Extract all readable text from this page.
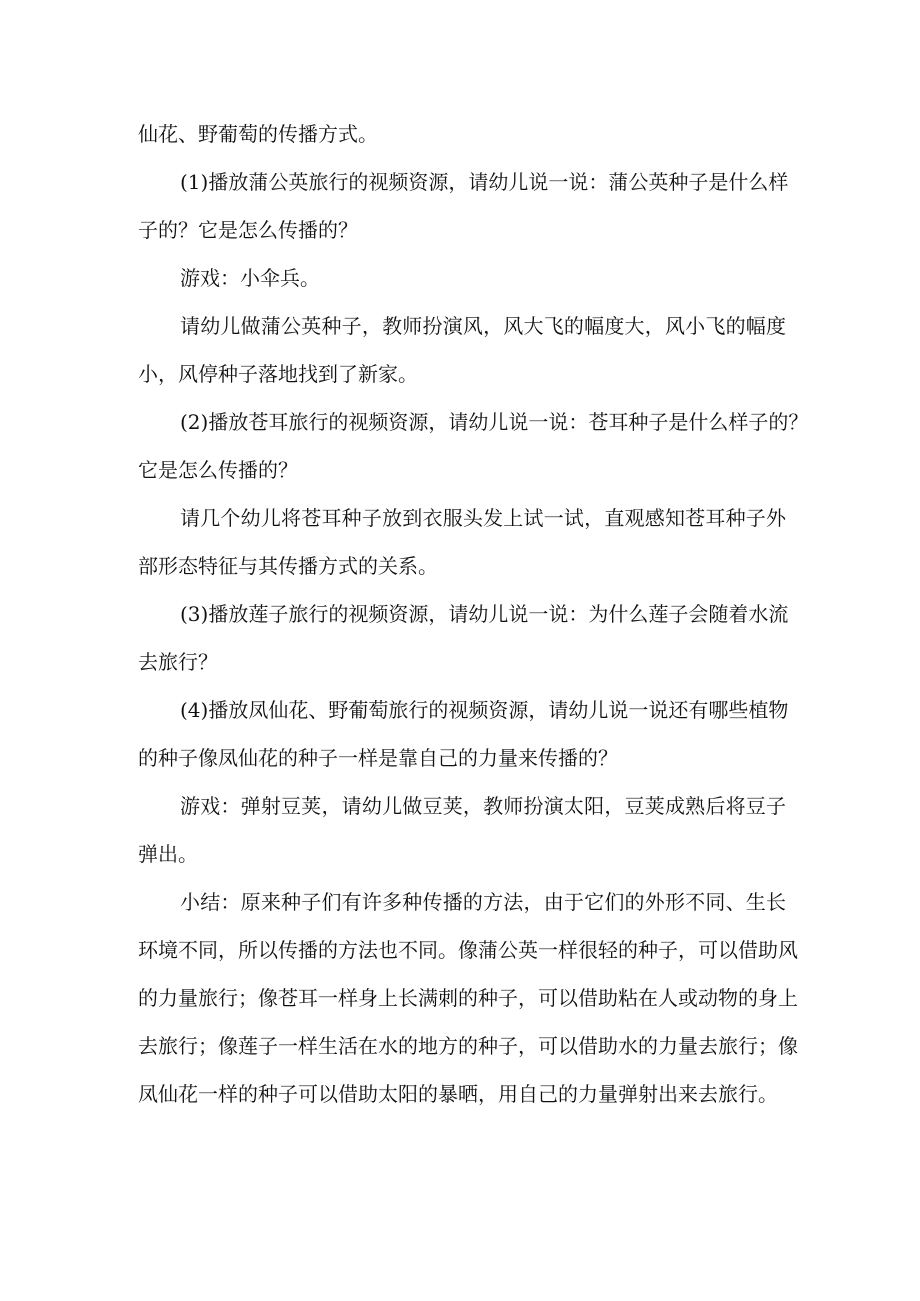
仙花、野葡萄的传播方式。
(1)播放蒲公英旅行的视频资源，请幼儿说一说：蒲公英种子是什么样
子的？它是怎么传播的？
游戏：小伞兵。
请幼儿做蒲公英种子，教师扮演风，风大飞的幅度大，风小飞的幅度
小，风停种子落地找到了新家。
(2)播放苍耳旅行的视频资源，请幼儿说一说：苍耳种子是什么样子的？
它是怎么传播的？
请几个幼儿将苍耳种子放到衣服头发上试一试，直观感知苍耳种子外
部形态特征与其传播方式的关系。
(3)播放莲子旅行的视频资源，请幼儿说一说：为什么莲子会随着水流
去旅行？
(4)播放凤仙花、野葡萄旅行的视频资源，请幼儿说一说还有哪些植物
的种子像凤仙花的种子一样是靠自己的力量来传播的？
游戏：弹射豆荚，请幼儿做豆荚，教师扮演太阳，豆荚成熟后将豆子
弹出。
小结：原来种子们有许多种传播的方法，由于它们的外形不同、生长
环境不同，所以传播的方法也不同。像蒲公英一样很轻的种子，可以借助风
的力量旅行；像苍耳一样身上长满刺的种子，可以借助粘在人或动物的身上
去旅行；像莲子一样生活在水的地方的种子，可以借助水的力量去旅行；像
凤仙花一样的种子可以借助太阳的暴晒，用自己的力量弹射出来去旅行。
